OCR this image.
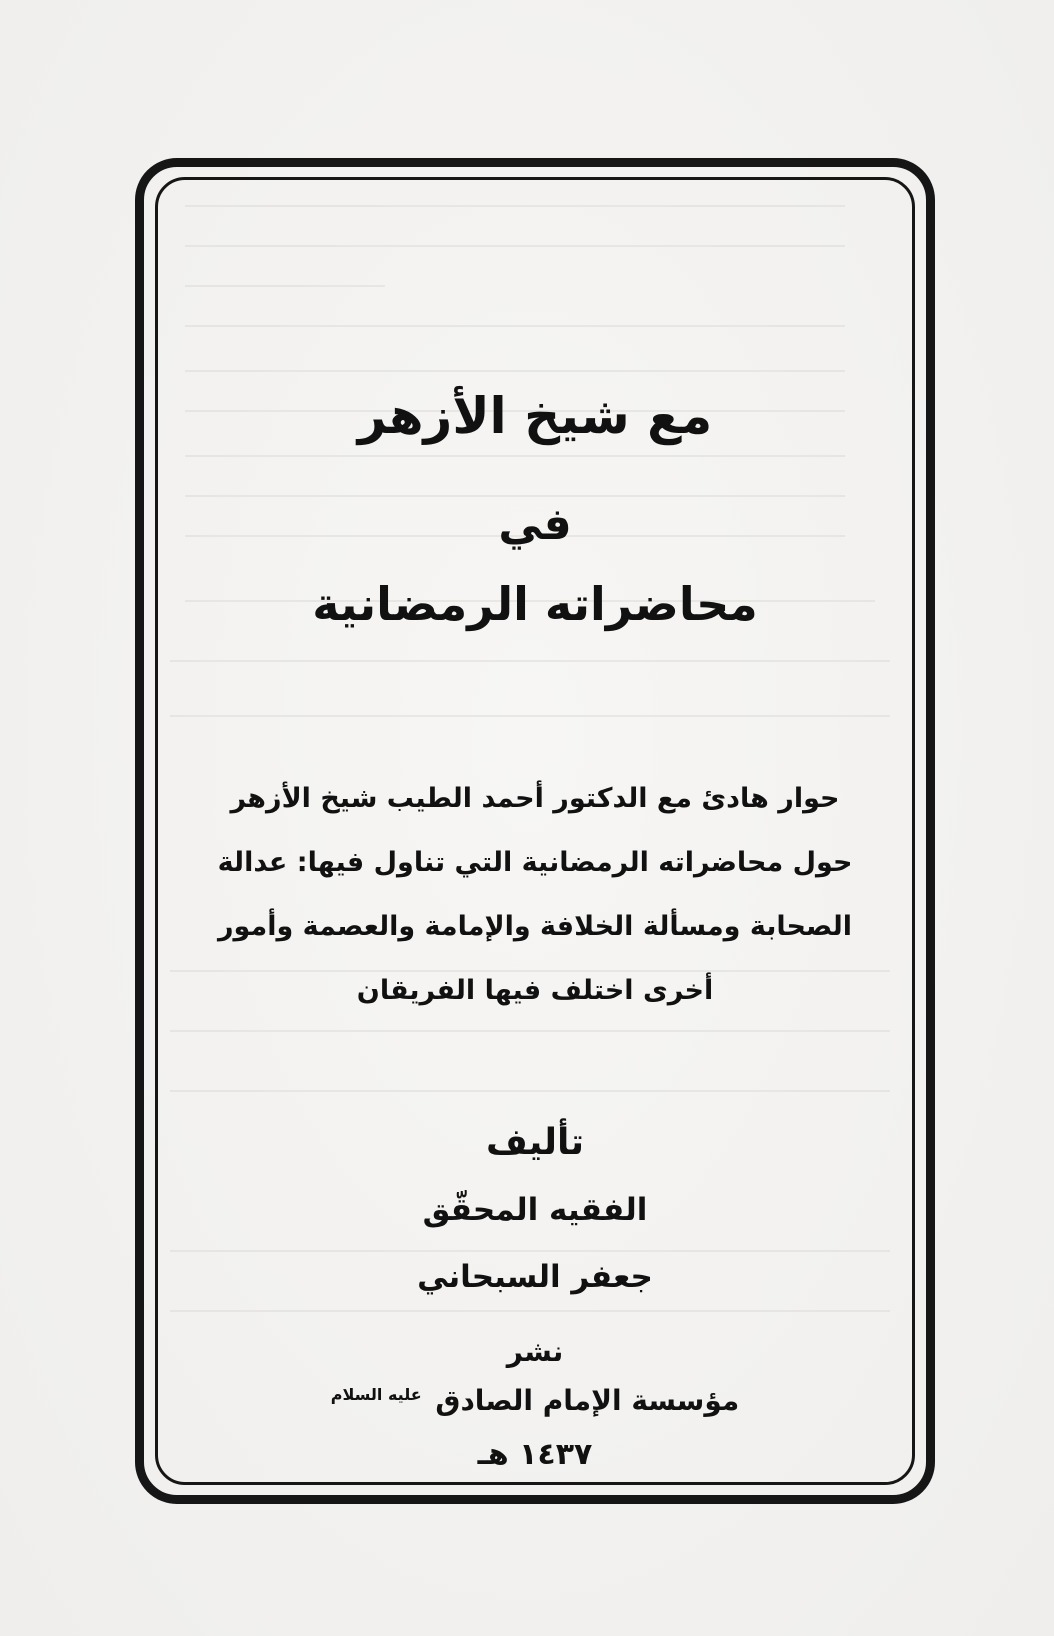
مع شيخ الأزهر
في
محاضراته الرمضانية

حوار هادئ مع الدكتور أحمد الطيب شيخ الأزهر
حول محاضراته الرمضانية التي تناول فيها: عدالة
الصحابة ومسألة الخلافة والإمامة والعصمة وأمور
أخرى اختلف فيها الفريقان

تأليف
الفقيه المحقّق
جعفر السبحاني
نشر
مؤسسة الإمام الصادق $^{عليه السلام}$
١٤٣٧ هـ
